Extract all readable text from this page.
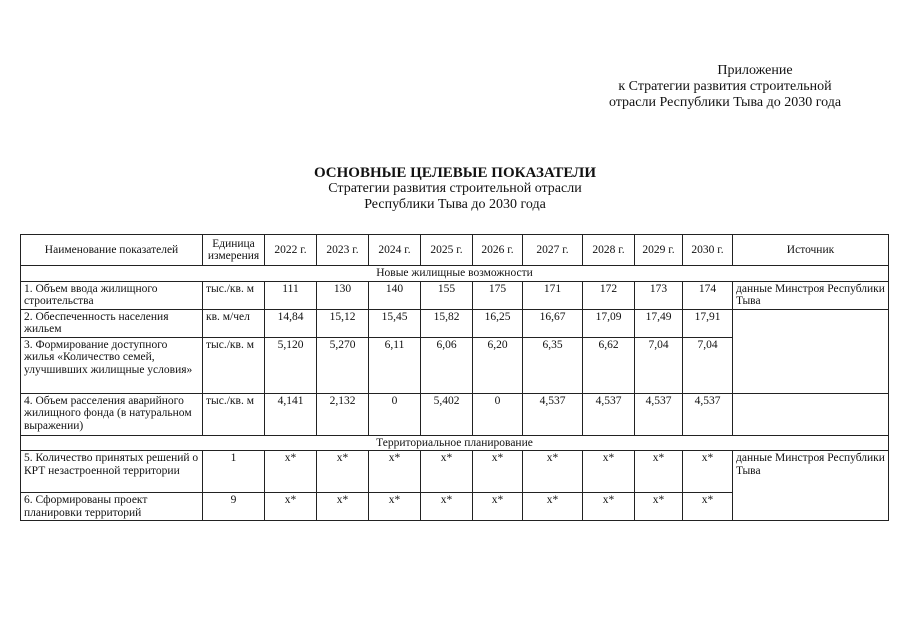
Приложение
к Стратегии развития строительной
отрасли Республики Тыва до 2030 года
ОСНОВНЫЕ ЦЕЛЕВЫЕ ПОКАЗАТЕЛИ
Стратегии развития строительной отрасли
Республики Тыва до 2030 года
Наименование показателей	Единица измерения	2022 г.	2023 г.	2024 г.	2025 г.	2026 г.	2027 г.	2028 г.	2029 г.	2030 г.	Источник
Новые жилищные возможности											
1. Объем ввода жилищного строительства	тыс./кв. м	111	130	140	155	175	171	172	173	174	данные Минстроя Республики Тыва
2. Обеспеченность населения жильем	кв. м/чел	14,84	15,12	15,45	15,82	16,25	16,67	17,09	17,49	17,91	
3. Формирование доступного жилья «Количество семей, улучшивших жилищные условия»	тыс./кв. м	5,120	5,270	6,11	6,06	6,20	6,35	6,62	7,04	7,04	
4. Объем расселения аварийного жилищного фонда (в натуральном выражении)	тыс./кв. м	4,141	2,132	0	5,402	0	4,537	4,537	4,537	4,537	
Территориальное планирование											
5. Количество принятых решений о КРТ незастроенной территории	1	х*	х*	х*	х*	х*	х*	х*	х*	х*	данные Минстроя Республики Тыва
6. Сформированы проект планировки территорий	9	х*	х*	х*	х*	х*	х*	х*	х*	х*	
